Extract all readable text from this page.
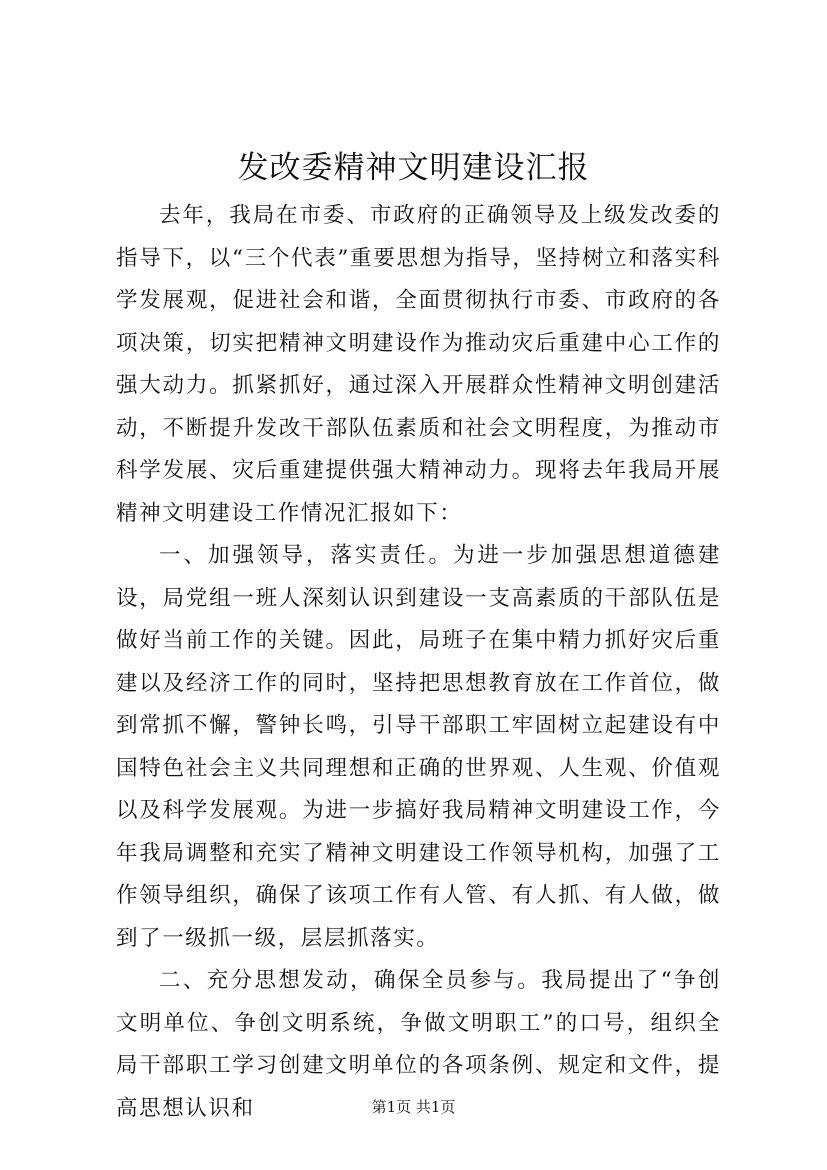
发改委精神文明建设汇报

去年，我局在市委、市政府的正确领导及上级发改委的指导下，以“三个代表”重要思想为指导，坚持树立和落实科学发展观，促进社会和谐，全面贯彻执行市委、市政府的各项决策，切实把精神文明建设作为推动灾后重建中心工作的强大动力。抓紧抓好，通过深入开展群众性精神文明创建活动，不断提升发改干部队伍素质和社会文明程度，为推动市科学发展、灾后重建提供强大精神动力。现将去年我局开展精神文明建设工作情况汇报如下：

一、加强领导，落实责任。为进一步加强思想道德建设，局党组一班人深刻认识到建设一支高素质的干部队伍是做好当前工作的关键。因此，局班子在集中精力抓好灾后重建以及经济工作的同时，坚持把思想教育放在工作首位，做到常抓不懈，警钟长鸣，引导干部职工牢固树立起建设有中国特色社会主义共同理想和正确的世界观、人生观、价值观以及科学发展观。为进一步搞好我局精神文明建设工作，今年我局调整和充实了精神文明建设工作领导机构，加强了工作领导组织，确保了该项工作有人管、有人抓、有人做，做到了一级抓一级，层层抓落实。

二、充分思想发动，确保全员参与。我局提出了“争创文明单位、争创文明系统，争做文明职工”的口号，组织全局干部职工学习创建文明单位的各项条例、规定和文件，提高思想认识和	第1页 共1页
